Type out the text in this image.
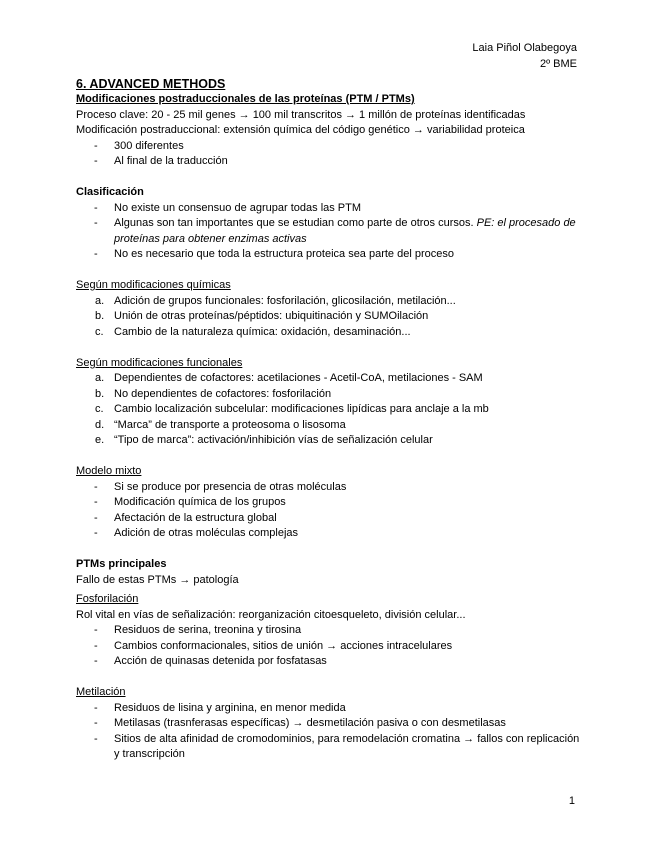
Laia Piñol Olabegoya
2º BME
6. ADVANCED METHODS
Modificaciones postraduccionales de las proteínas (PTM / PTMs)
Proceso clave: 20 - 25 mil genes → 100 mil transcritos → 1 millón de proteínas identificadas
Modificación postraduccional: extensión química del código genético → variabilidad proteica
- 300 diferentes
- Al final de la traducción
Clasificación
- No existe un consensuo de agrupar todas las PTM
- Algunas son tan importantes que se estudian como parte de otros cursos. PE: el procesado de proteínas para obtener enzimas activas
- No es necesario que toda la estructura proteica sea parte del proceso
Según modificaciones químicas
a. Adición de grupos funcionales: fosforilación, glicosilación, metilación...
b. Unión de otras proteínas/péptidos: ubiquitinación y SUMOilación
c. Cambio de la naturaleza química: oxidación, desaminación...
Según modificaciones funcionales
a. Dependientes de cofactores: acetilaciones - Acetil-CoA, metilaciones - SAM
b. No dependientes de cofactores: fosforilación
c. Cambio localización subcelular: modificaciones lipídicas para anclaje a la mb
d. “Marca” de transporte a proteosoma o lisosoma
e. “Tipo de marca”: activación/inhibición vías de señalización celular
Modelo mixto
- Si se produce por presencia de otras moléculas
- Modificación química de los grupos
- Afectación de la estructura global
- Adición de otras moléculas complejas
PTMs principales
Fallo de estas PTMs → patología
Fosforilación
Rol vital en vías de señalización: reorganización citoesqueleto, división celular...
- Residuos de serina, treonina y tirosina
- Cambios conformacionales, sitios de unión → acciones intracelulares
- Acción de quinasas detenida por fosfatasas
Metilación
- Residuos de lisina y arginina, en menor medida
- Metilasas (trasnferasas específicas) → desmetilación pasiva o con desmetilasas
- Sitios de alta afinidad de cromodominios, para remodelación cromatina → fallos con replicación y transcripción
1
